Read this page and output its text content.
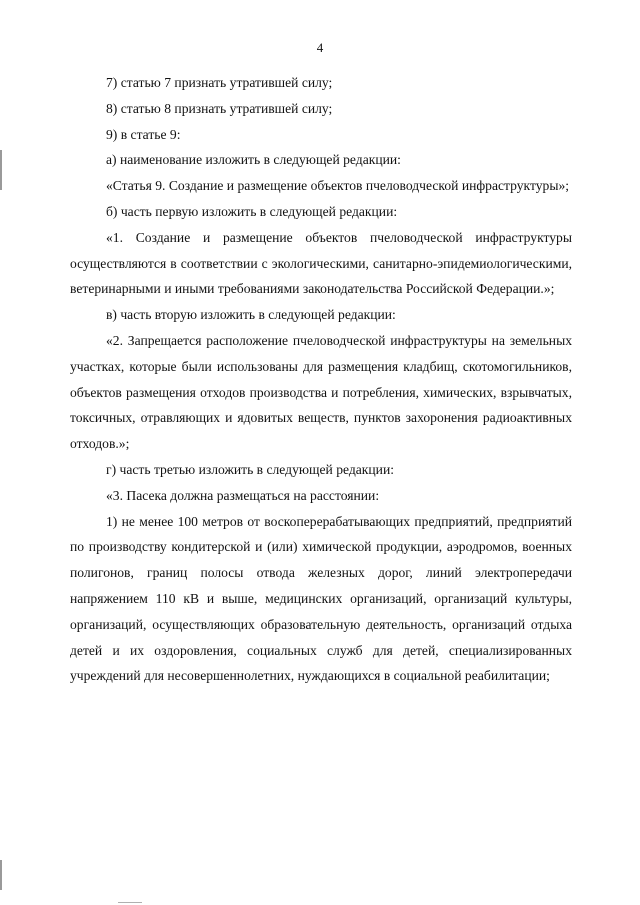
4

7) статью 7 признать утратившей силу;

8) статью 8 признать утратившей силу;

9) в статье 9:

а) наименование изложить в следующей редакции:

«Статья 9. Создание и размещение объектов пчеловодческой инфраструктуры»;

б) часть первую изложить в следующей редакции:

«1. Создание и размещение объектов пчеловодческой инфраструктуры осуществляются в соответствии с экологическими, санитарно-эпидемиологическими, ветеринарными и иными требованиями законодательства Российской Федерации.»;

в) часть вторую изложить в следующей редакции:

«2. Запрещается расположение пчеловодческой инфраструктуры на земельных участках, которые были использованы для размещения кладбищ, скотомогильников, объектов размещения отходов производства и потребления, химических, взрывчатых, токсичных, отравляющих и ядовитых веществ, пунктов захоронения радиоактивных отходов.»;

г) часть третью изложить в следующей редакции:

«3. Пасека должна размещаться на расстоянии:

1) не менее 100 метров от воскоперерабатывающих предприятий, предприятий по производству кондитерской и (или) химической продукции, аэродромов, военных полигонов, границ полосы отвода железных дорог, линий электропередачи напряжением 110 кВ и выше, медицинских организаций, организаций культуры, организаций, осуществляющих образовательную деятельность, организаций отдыха детей и их оздоровления, социальных служб для детей, специализированных учреждений для несовершеннолетних, нуждающихся в социальной реабилитации;
